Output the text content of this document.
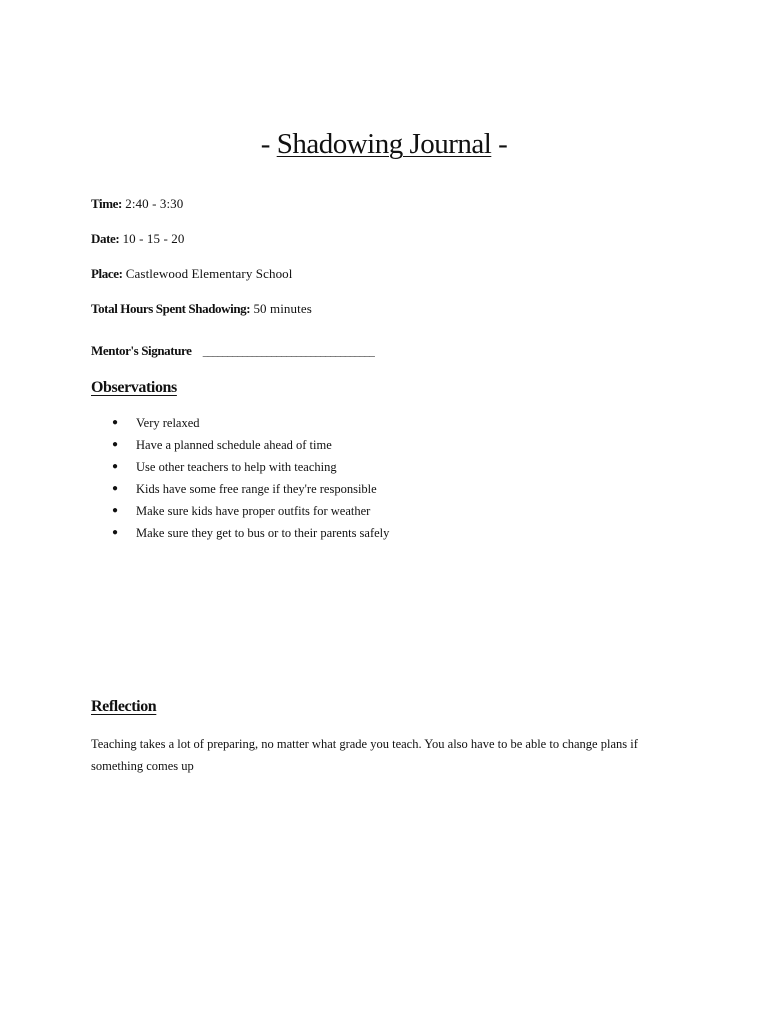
- Shadowing Journal -
Time: 2:40 - 3:30
Date: 10 - 15 - 20
Place: Castlewood Elementary School
Total Hours Spent Shadowing: 50 minutes
Mentor's Signature ___________________________________
Observations
● Very relaxed
● Have a planned schedule ahead of time
● Use other teachers to help with teaching
● Kids have some free range if they're responsible
● Make sure kids have proper outfits for weather
● Make sure they get to bus or to their parents safely
Reflection
Teaching takes a lot of preparing, no matter what grade you teach. You also have to be able to change plans if something comes up
